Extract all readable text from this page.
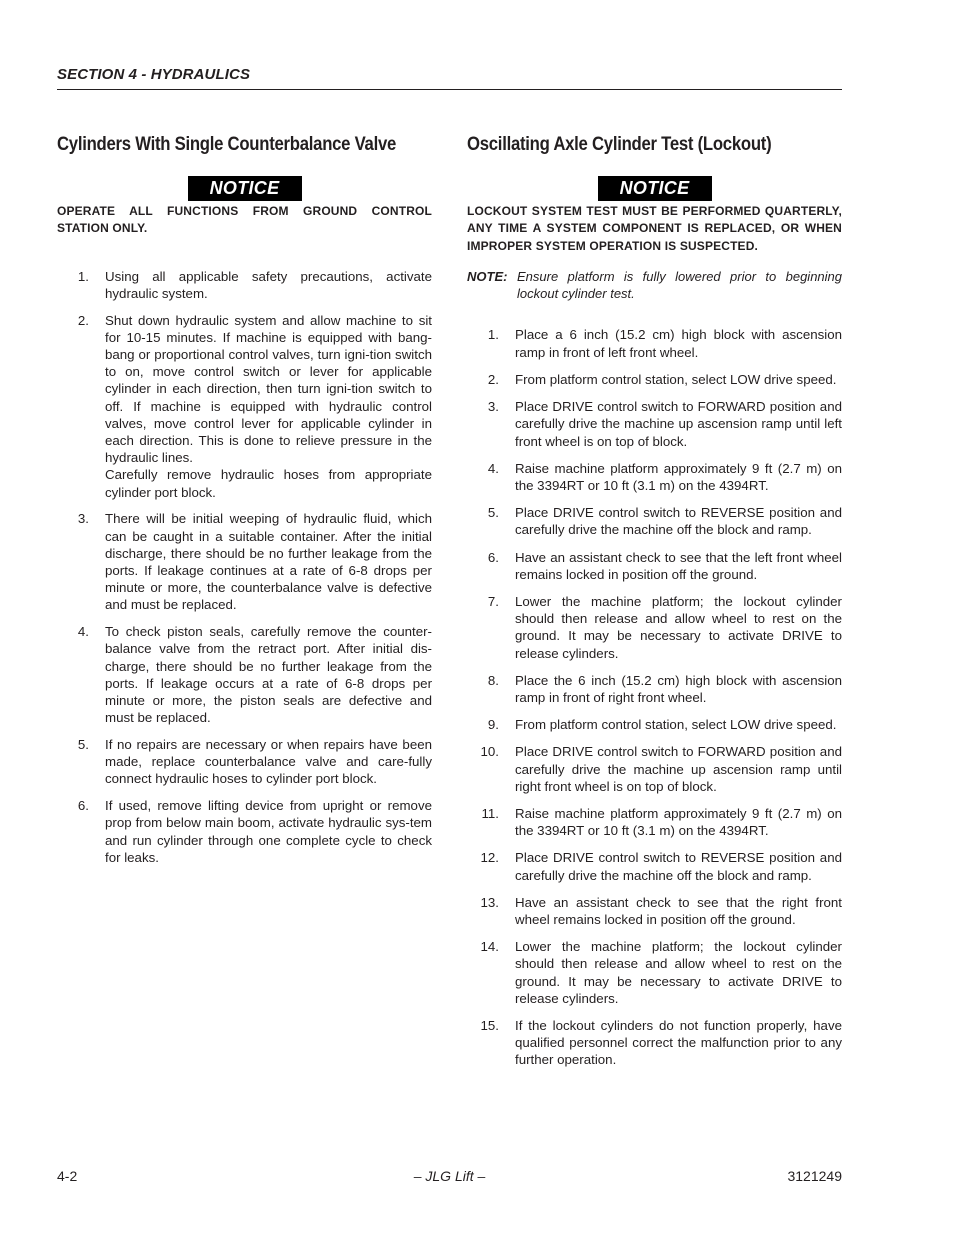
SECTION 4 - HYDRAULICS
Cylinders With Single Counterbalance Valve
NOTICE
OPERATE ALL FUNCTIONS FROM GROUND CONTROL STATION ONLY.
1. Using all applicable safety precautions, activate hydraulic system.
2. Shut down hydraulic system and allow machine to sit for 10-15 minutes. If machine is equipped with bang-bang or proportional control valves, turn igni-tion switch to on, move control switch or lever for applicable cylinder in each direction, then turn igni-tion switch to off. If machine is equipped with hydraulic control valves, move control lever for applicable cylinder in each direction. This is done to relieve pressure in the hydraulic lines.
Carefully remove hydraulic hoses from appropriate cylinder port block.
3. There will be initial weeping of hydraulic fluid, which can be caught in a suitable container. After the initial discharge, there should be no further leakage from the ports. If leakage continues at a rate of 6-8 drops per minute or more, the counterbalance valve is defective and must be replaced.
4. To check piston seals, carefully remove the counter-balance valve from the retract port. After initial dis-charge, there should be no further leakage from the ports. If leakage occurs at a rate of 6-8 drops per minute or more, the piston seals are defective and must be replaced.
5. If no repairs are necessary or when repairs have been made, replace counterbalance valve and care-fully connect hydraulic hoses to cylinder port block.
6. If used, remove lifting device from upright or remove prop from below main boom, activate hydraulic sys-tem and run cylinder through one complete cycle to check for leaks.
Oscillating Axle Cylinder Test (Lockout)
NOTICE
LOCKOUT SYSTEM TEST MUST BE PERFORMED QUARTERLY, ANY TIME A SYSTEM COMPONENT IS REPLACED, OR WHEN IMPROPER SYSTEM OPERATION IS SUSPECTED.
NOTE: Ensure platform is fully lowered prior to beginning lockout cylinder test.
1. Place a 6 inch (15.2 cm) high block with ascension ramp in front of left front wheel.
2. From platform control station, select LOW drive speed.
3. Place DRIVE control switch to FORWARD position and carefully drive the machine up ascension ramp until left front wheel is on top of block.
4. Raise machine platform approximately 9 ft (2.7 m) on the 3394RT or 10 ft (3.1 m) on the 4394RT.
5. Place DRIVE control switch to REVERSE position and carefully drive the machine off the block and ramp.
6. Have an assistant check to see that the left front wheel remains locked in position off the ground.
7. Lower the machine platform; the lockout cylinder should then release and allow wheel to rest on the ground. It may be necessary to activate DRIVE to release cylinders.
8. Place the 6 inch (15.2 cm) high block with ascension ramp in front of right front wheel.
9. From platform control station, select LOW drive speed.
10. Place DRIVE control switch to FORWARD position and carefully drive the machine up ascension ramp until right front wheel is on top of block.
11. Raise machine platform approximately 9 ft (2.7 m) on the 3394RT or 10 ft (3.1 m) on the 4394RT.
12. Place DRIVE control switch to REVERSE position and carefully drive the machine off the block and ramp.
13. Have an assistant check to see that the right front wheel remains locked in position off the ground.
14. Lower the machine platform; the lockout cylinder should then release and allow wheel to rest on the ground. It may be necessary to activate DRIVE to release cylinders.
15. If the lockout cylinders do not function properly, have qualified personnel correct the malfunction prior to any further operation.
4-2	– JLG Lift –	3121249
